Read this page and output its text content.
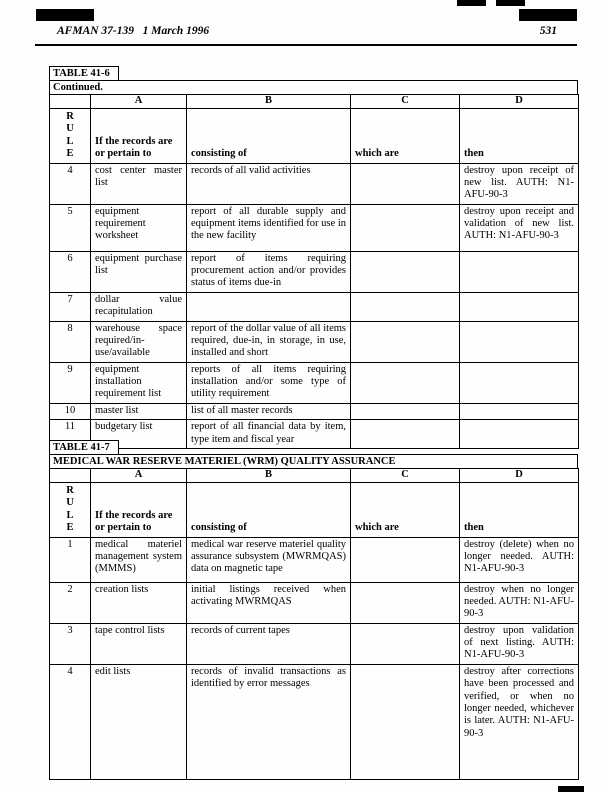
AFMAN 37-139   1 March 1996	531
TABLE 41-6
Continued.
	A	B	C	D

R
U
L
E	If the records are or pertain to	consisting of	which are	then
4	cost center master list	records of all valid activities		destroy upon receipt of new list. AUTH: N1-AFU-90-3
5	equipment requirement worksheet	report of all durable supply and equipment items identified for use in the new facility		destroy upon receipt and validation of new list. AUTH: N1-AFU-90-3
6	equipment purchase list	report of items requiring procurement action and/or provides status of items due-in		
7	dollar value recapitulation			
8	warehouse space required/in-use/available	report of the dollar value of all items required, due-in, in storage, in use, installed and short		
9	equipment installation requirement list	reports of all items requiring installation and/or some type of utility requirement		
10	master list	list of all master records		
11	budgetary list	report of all financial data by item, type item and fiscal year		
TABLE 41-7
MEDICAL WAR RESERVE MATERIEL (WRM) QUALITY ASSURANCE
	A	B	C	D

R
U
L
E	If the records are or pertain to	consisting of	which are	then
1	medical materiel management system (MMMS)	medical war reserve materiel quality assurance subsystem (MWRMQAS) data on magnetic tape		destroy (delete) when no longer needed. AUTH: N1-AFU-90-3
2	creation lists	initial listings received when activating MWRMQAS		destroy when no longer needed. AUTH: N1-AFU-90-3
3	tape control lists	records of current tapes		destroy upon validation of next listing. AUTH: N1-AFU-90-3
4	edit lists	records of invalid transactions as identified by error messages		destroy after corrections have been processed and verified, or when no longer needed, whichever is later. AUTH: N1-AFU-90-3
